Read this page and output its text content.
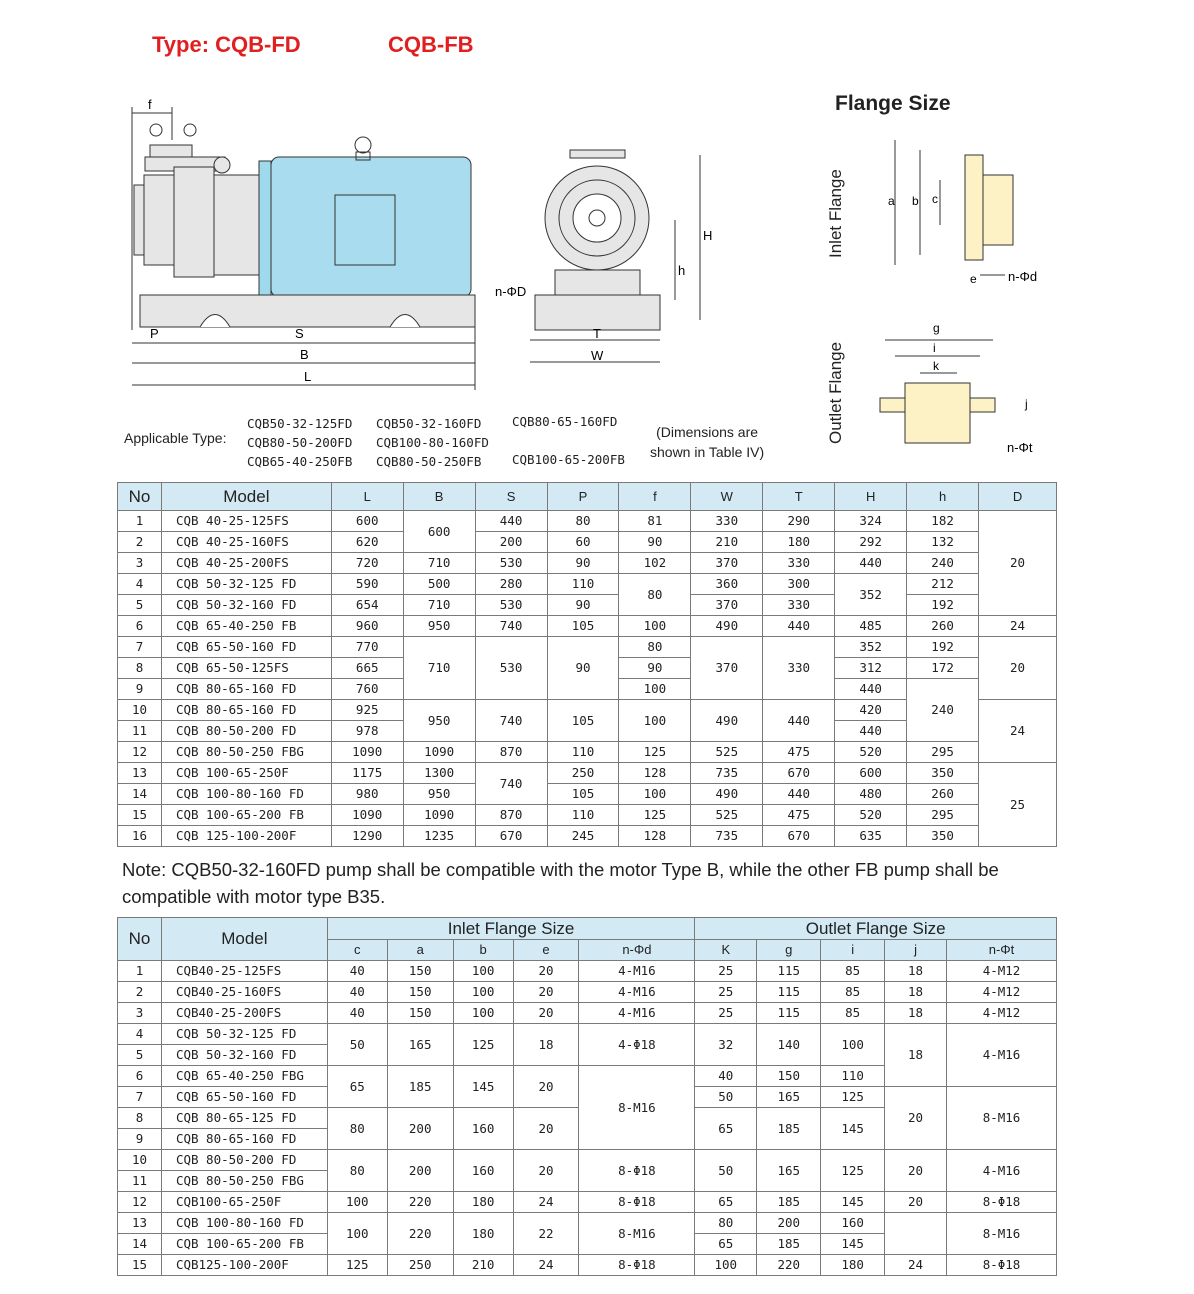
Type: CQB-FD	CQB-FB
Flange Size
f
P	S
B
L
n-ΦD
T
W
h
H	Inlet Flange
Outlet Flange
a b c
e n-Φd
g
i
k
j
n-Φt
Applicable Type:
CQB50-32-125FD
CQB80-50-200FD
CQB65-40-250FB
CQB50-32-160FD
CQB100-80-160FD
CQB80-50-250FB
CQB80-65-160FD
CQB100-65-200FB
(Dimensions are
shown in Table IV)
No	Model	L	B	S	P	f	W	T	H	h	D
1	CQB 40-25-125FS	600	600	440	80	81	330	290	324	182	20
2	CQB 40-25-160FS	620		200	60	90	210	180	292	132	
3	CQB 40-25-200FS	720	710	530	90	102	370	330	440	240	
4	CQB 50-32-125 FD	590	500	280	110	80	360	300	352	212	
5	CQB 50-32-160 FD	654	710	530	90		370	330		192	
6	CQB 65-40-250 FB	960	950	740	105	100	490	440	485	260	24
7	CQB 65-50-160 FD	770	710	530	90	80	370	330	352	192	20
8	CQB 65-50-125FS	665				90			312	172	
9	CQB 80-65-160 FD	760				100			440	240	
10	CQB 80-65-160 FD	925	950	740	105	100	490	440	420		24
11	CQB 80-50-200 FD	978							440		
12	CQB 80-50-250 FBG	1090	1090	870	110	125	525	475	520	295	
13	CQB 100-65-250F	1175	1300	740	250	128	735	670	600	350	25
14	CQB 100-80-160 FD	980	950		105	100	490	440	480	260	
15	CQB 100-65-200 FB	1090	1090	870	110	125	525	475	520	295	
16	CQB 125-100-200F	1290	1235	670	245	128	735	670	635	350	
Note: CQB50-32-160FD pump shall be compatible with the motor Type B, while the other FB pump shall be compatible with motor type B35.
No	Model	Inlet Flange Size					Outlet Flange Size				
		c	a	b	e	n-Φd	K	g	i	j	n-Φt
1	CQB40-25-125FS	40	150	100	20	4-M16	25	115	85	18	4-M12
2	CQB40-25-160FS	40	150	100	20	4-M16	25	115	85	18	4-M12
3	CQB40-25-200FS	40	150	100	20	4-M16	25	115	85	18	4-M12
4	CQB 50-32-125 FD	50	165	125	18	4-Φ18	32	140	100	18	4-M16
5	CQB 50-32-160 FD										
6	CQB 65-40-250 FBG	65	185	145	20	8-M16	40	150	110		
7	CQB 65-50-160 FD						50	165	125	20	8-M16
8	CQB 80-65-125 FD	80	200	160	20		65	185	145		
9	CQB 80-65-160 FD										
10	CQB 80-50-200 FD	80	200	160	20	8-Φ18	50	165	125	20	4-M16
11	CQB 80-50-250 FBG										
12	CQB100-65-250F	100	220	180	24	8-Φ18	65	185	145	20	8-Φ18
13	CQB 100-80-160 FD	100	220	180	22	8-M16	80	200	160		8-M16
14	CQB 100-65-200 FB						65	185	145		
15	CQB125-100-200F	125	250	210	24	8-Φ18	100	220	180	24	8-Φ18
